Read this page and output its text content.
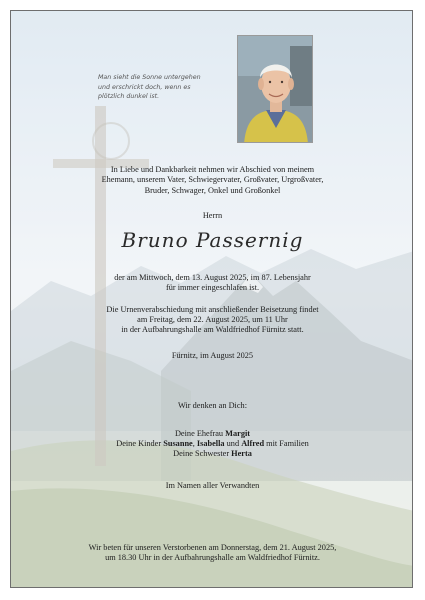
Man sieht die Sonne untergehen
und erschrickt doch, wenn es
plötzlich dunkel ist.
In Liebe und Dankbarkeit nehmen wir Abschied von meinem
Ehemann, unserem Vater, Schwiegervater, Großvater, Urgroßvater,
Bruder, Schwager, Onkel und Großonkel
Herrn
Bruno Passernig
der am Mittwoch, dem 13. August 2025, im 87. Lebensjahr
für immer eingeschlafen ist.
Die Urnenverabschiedung mit anschließender Beisetzung findet
am Freitag, dem 22. August 2025, um 11 Uhr
in der Aufbahrungshalle am Waldfriedhof Fürnitz statt.
Fürnitz, im August 2025
Wir denken an Dich:
Deine Ehefrau Margit
Deine Kinder Susanne, Isabella und Alfred mit Familien
Deine Schwester Herta
Im Namen aller Verwandten
Wir beten für unseren Verstorbenen am Donnerstag, dem 21. August 2025,
um 18.30 Uhr in der Aufbahrungshalle am Waldfriedhof Fürnitz.
